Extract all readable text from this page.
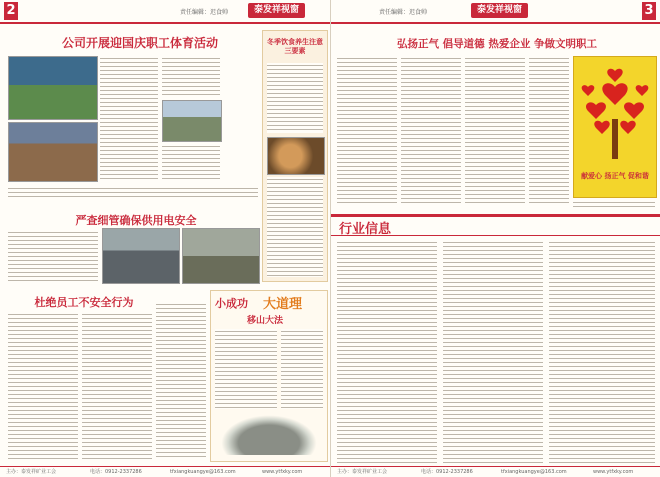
2	责任编辑：迟食帅	泰发祥视窗
公司开展迎国庆职工体育活动	冬季饮食养生注意三要素
严查细管确保供用电安全
杜绝员工不安全行为	小成功 大道理
移山大法
主办：泰发祥矿业工会	电话：0912-2337286	tfxiangkuangye@163.com	www.ytfxky.com
责任编辑：迟食帅	泰发祥视窗	3
弘扬正气 倡导道德 热爱企业 争做文明职工
献爱心 扬正气 促和谐
行业信息
主办：泰发祥矿业工会	电话：0912-2337286	tfxiangkuangye@163.com	www.ytfxky.com
